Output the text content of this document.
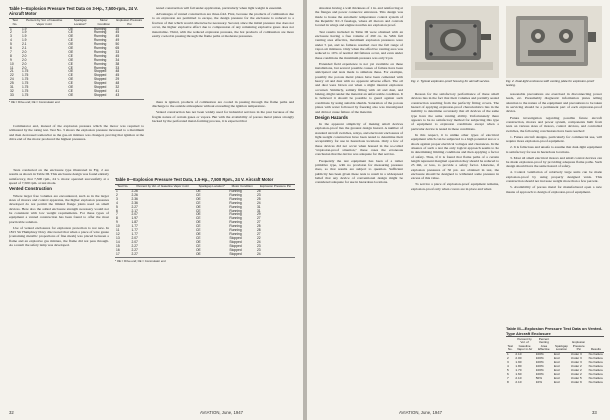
Table I—Explosion Pressure Test Data on 3-Hp., 7,500-rpm., 24 V. Aircraft Motor
Test No.	Percent by Vol. of Gasoline Vapor in Air	Sparkgap Location*	Motor Condition	Explosion Pressure Psi
1	1.9	OE	Running	39
2	1.9	CE	Running	45
3	1.9	OE	Running	45
4	1.9	CE	Running	49
5	2.1	OE	Running	50
6	2.1	OE	Running	65
7	2.0	OE	Running	33
8	2.0	CE	Running	45
9	2.0	OE	Running	34
10	2.0	CE	Running	38
11	2.0	CE	Running	33
21	1.75	OE	Stopped	48
22	1.75	CE	Stopped	45
24	1.75	OE	Stopped	29
25	1.75	CE	Stopped	48
31	1.75	OE	Stopped	32
32	1.75	CE	Stopped	41
33	1.75	OE	Stopped	43
* OE = Drive end; CE = Commutator end

tested construction will fail under application, particularly when light weight is essential.

Advantages of vented construction are three-fold. First, because the products of combustion due to an explosion are permitted to escape, the design pressure for the enclosure is reduced to a fraction of that which would otherwise be necessary. Second, since the initial pressure rise does not occur, the higher explosive effect due to compression of any remaining explosive gases does not materialize. Third, with the reduced explosion pressure, the hot products of combustion are more easily cooled in passing through the flame paths at moderate pressures.

Commutator end, instead of the explosion pressure which the motor was required to withstand by the rating test. Test No. 3 shows the explosion pressure increased to a maximum and then decreased somewhat as the gas-air mixture was changed, proving that ignition at the drive end of the motor produced the highest pressures.

there is ignited, products of combustion are cooled in passing through the flame paths and discharge to the outside atmosphere without exceeding the ignition temperature.

Vented construction has not been widely used for industrial services in the past because of the fragile nature of certain gases or vapors. But with the availability of porous metal plates strongly backed by the perforated metal-forming process, it is expected that

Table II—Explosion Pressure Test Data, 1.5-Hp., 7,500 Rpm., 24 V. Aircraft Motor
Test No.	Percent by Vol. of Gasoline Vapor in Air	Sparkgap Location*	Motor Condition	Explosion Pressure Psi
1	2.26	OE	Running	25
2	2.26	CE	Running	23
3	2.36	OE	Running	25
4	2.36	CE	Running	24
5	2.27	OE	Running	31
6	2.17	CE	Running	31
7	2.07	OE	Running	29
8	1.97	CE	Running	27
9	1.87	OE	Running	27
10	1.77	CE	Running	25
11	1.77	CE	Running	28
12	1.77	OE	Running	27
13	2.07	CE	Stopped	22
14	2.07	OE	Stopped	24
15	2.27	CE	Stopped	23
16	2.27	OE	Stopped	23
17	2.27	OE	Stopped	24
* OE = Drive end; CE = Commutator end

Tests conducted on the enclosure type illustrated in Fig. 2 are results as shown in Table III. This enclosure design was found entirely satisfactory, that 7,500 rpm., 24 v. motor operated successfully at a speed of 7,500 rpm. at test mode.

Vented Construction

Where larger free volumes are encountered, such as in the larger sizes of motors and control apparatus, the higher explosion pressures developed do not permit the limited flange joints used on small devices. Here also the added enclosure strength necessary would not be consistent with low weight requirements. For these types of equipment a vented construction has been found to offer the most practicable solution.

Use of vented enclosures for explosion protection is not new. In 1815 Sir Humphrey Davy discovered that when a piece of wire gauze (containing metallic proportions of fine mesh) was placed between a flame and an explosive gas mixture, the flame did not pass through. As a result the safety lamp was developed.

32	AVIATION, June, 1947

situation having a wall thickness of 1 in. and reinforcing at the flanges and power connector entrances. This design was made to house the automatic temperature control system of the Republic XC-3 fuselage, where all motors and controls located in wings and engine nacelles are explosion proof.

Test results included in Table III were obtained with an enclosure having a free volume of 290 cu. in. With full venting area effective, maximum explosion pressures were under 5 psi, and no failures resulted over the full range of vapor-air mixtures. Only when the effective venting area was reduced to 10% of normal did failures occur, and even under these conditions the maximum pressure was only 9 psi.

Extended field experience is not yet available on these installations, but several possible causes of failure have been anticipated and tests made to simulate these. For example, possibly the porous metal plates have been cemented with heavy oil and dust with no apparent adverse effect. The oil and dust were blown out when a slight internal explosion occurred. Similarly, salinity filling with oil and dust, and baking, might render the material an unfavorable condition. It is believed it should be possible to guard against such conditions by using suitable shields. Saturation of the porous plates with water followed by freezing also was investigated and did not cause failure of the material.

Design Hazards

In the apparent simplicity of making small devices explosion-proof lies the greatest design hazard. A number of standard aircraft switches, relays, and electronic enclosures of light-weight construction have been tested to determine their acceptability for use in hazardous locations. Only a few of these devices did not occur when housed in the so-called "explosion-proof situation," these cases the erroneous conclusion that the device was adequate for that service.

Frequently the test equipment has been of a rather primitive type, with no provision for measuring pressure rises, so that results are subject to question. Sufficient publicity has been given these tests to result in a widespread belief that any device of conventional design might be considered adequate for use in hazardous locations.

Fig. 1. Typical explosion-proof housing for aircraft service.	Fig. 2. Dual-light enclosure with venting plate for explosion-proof testing.

Reason for the satisfactory performance of these small devices lies in the fact that their volumes and partially sealed construction resulting from the perfectly fitting covers. The hazard of applying explosion-proof characteristics lies in the inability to determine accurately that all devices of the same type have the same venting ability. Unfortunately there appears to be no satisfactory method for subjecting this type of equipment to explosion conditions except when a particular device is tested in these conditions.

In this respect, it is unlike other types of electrical equipment which can be subjected to a high potential test or a shock against proper electrical voltages and clearances. In the absence of such a test the only logical approach seems to lie in determining limiting conditions and then applying a factor of safety. Thus, if it is found that flame paths of a certain length represent marginal operation they should be reduced to 25 mil, or less, to provide a safety factor. Likewise, if explosion pressures of 50 psi. are obtained in test, the enclosure should be designed to withstand some pressure in excess of this value.

To service a piece of explosion-proof equipment remains, explosion-proof only when covers are in place and when

reasonable precautions are exercised in disconnecting power leads, etc. Presumably diagnostic information plates telling attention to the nature of the equipment and precautions to be taken in servicing should be a permanent part of each explosion-proof device.

Future investigation regarding possible future aircraft construction, motors and power system, components built from tests on various sizes of motors, control devices, and controlled switches, the following conclusions have been reached:

1. Future aircraft designs, particularly for commercial use, will require more explosion-proof equipment.

2. It is fallacious and unsafe to assume that dual-light equipment is satisfactory for use in hazardous locations.

3. Most all small electrical motors and small control devices can be made explosion-proof by providing adequate flame paths. Such design should have the same hazard of safety.

4. Control ventilation of relatively large units can be made explosion-proof by using properly designed vents. This construction should not increase weight more than a few percent.

5. Availability of porous metal for manufactured open a new means of approach to design of explosion-proof equipment.

Table III—Explosion Pressure Test Data on Vented-Type Aircraft Enclosure
Test No.	Percent by Vol. of Gasoline Vapor in Air	Percent Venting Area Effective	Sparkgap Location	Explosion Pressure Psi	Results
1	2.10	100%	End	Under 3	No Failure
2	2.00	100%	End	Under 3	No Failure
3	1.90	100%	End	Under 3	No Failure
4	1.80	100%	End	Under 2	No Failure
5	1.70	100%	End	Under 2	No Failure
6	1.60	100%	End	Under 2	No Failure
7	2.10	50%	End	Under 5	No Failure
8	2.10	10%	End	Under 9	No Failure
AVIATION, June, 1947	33
